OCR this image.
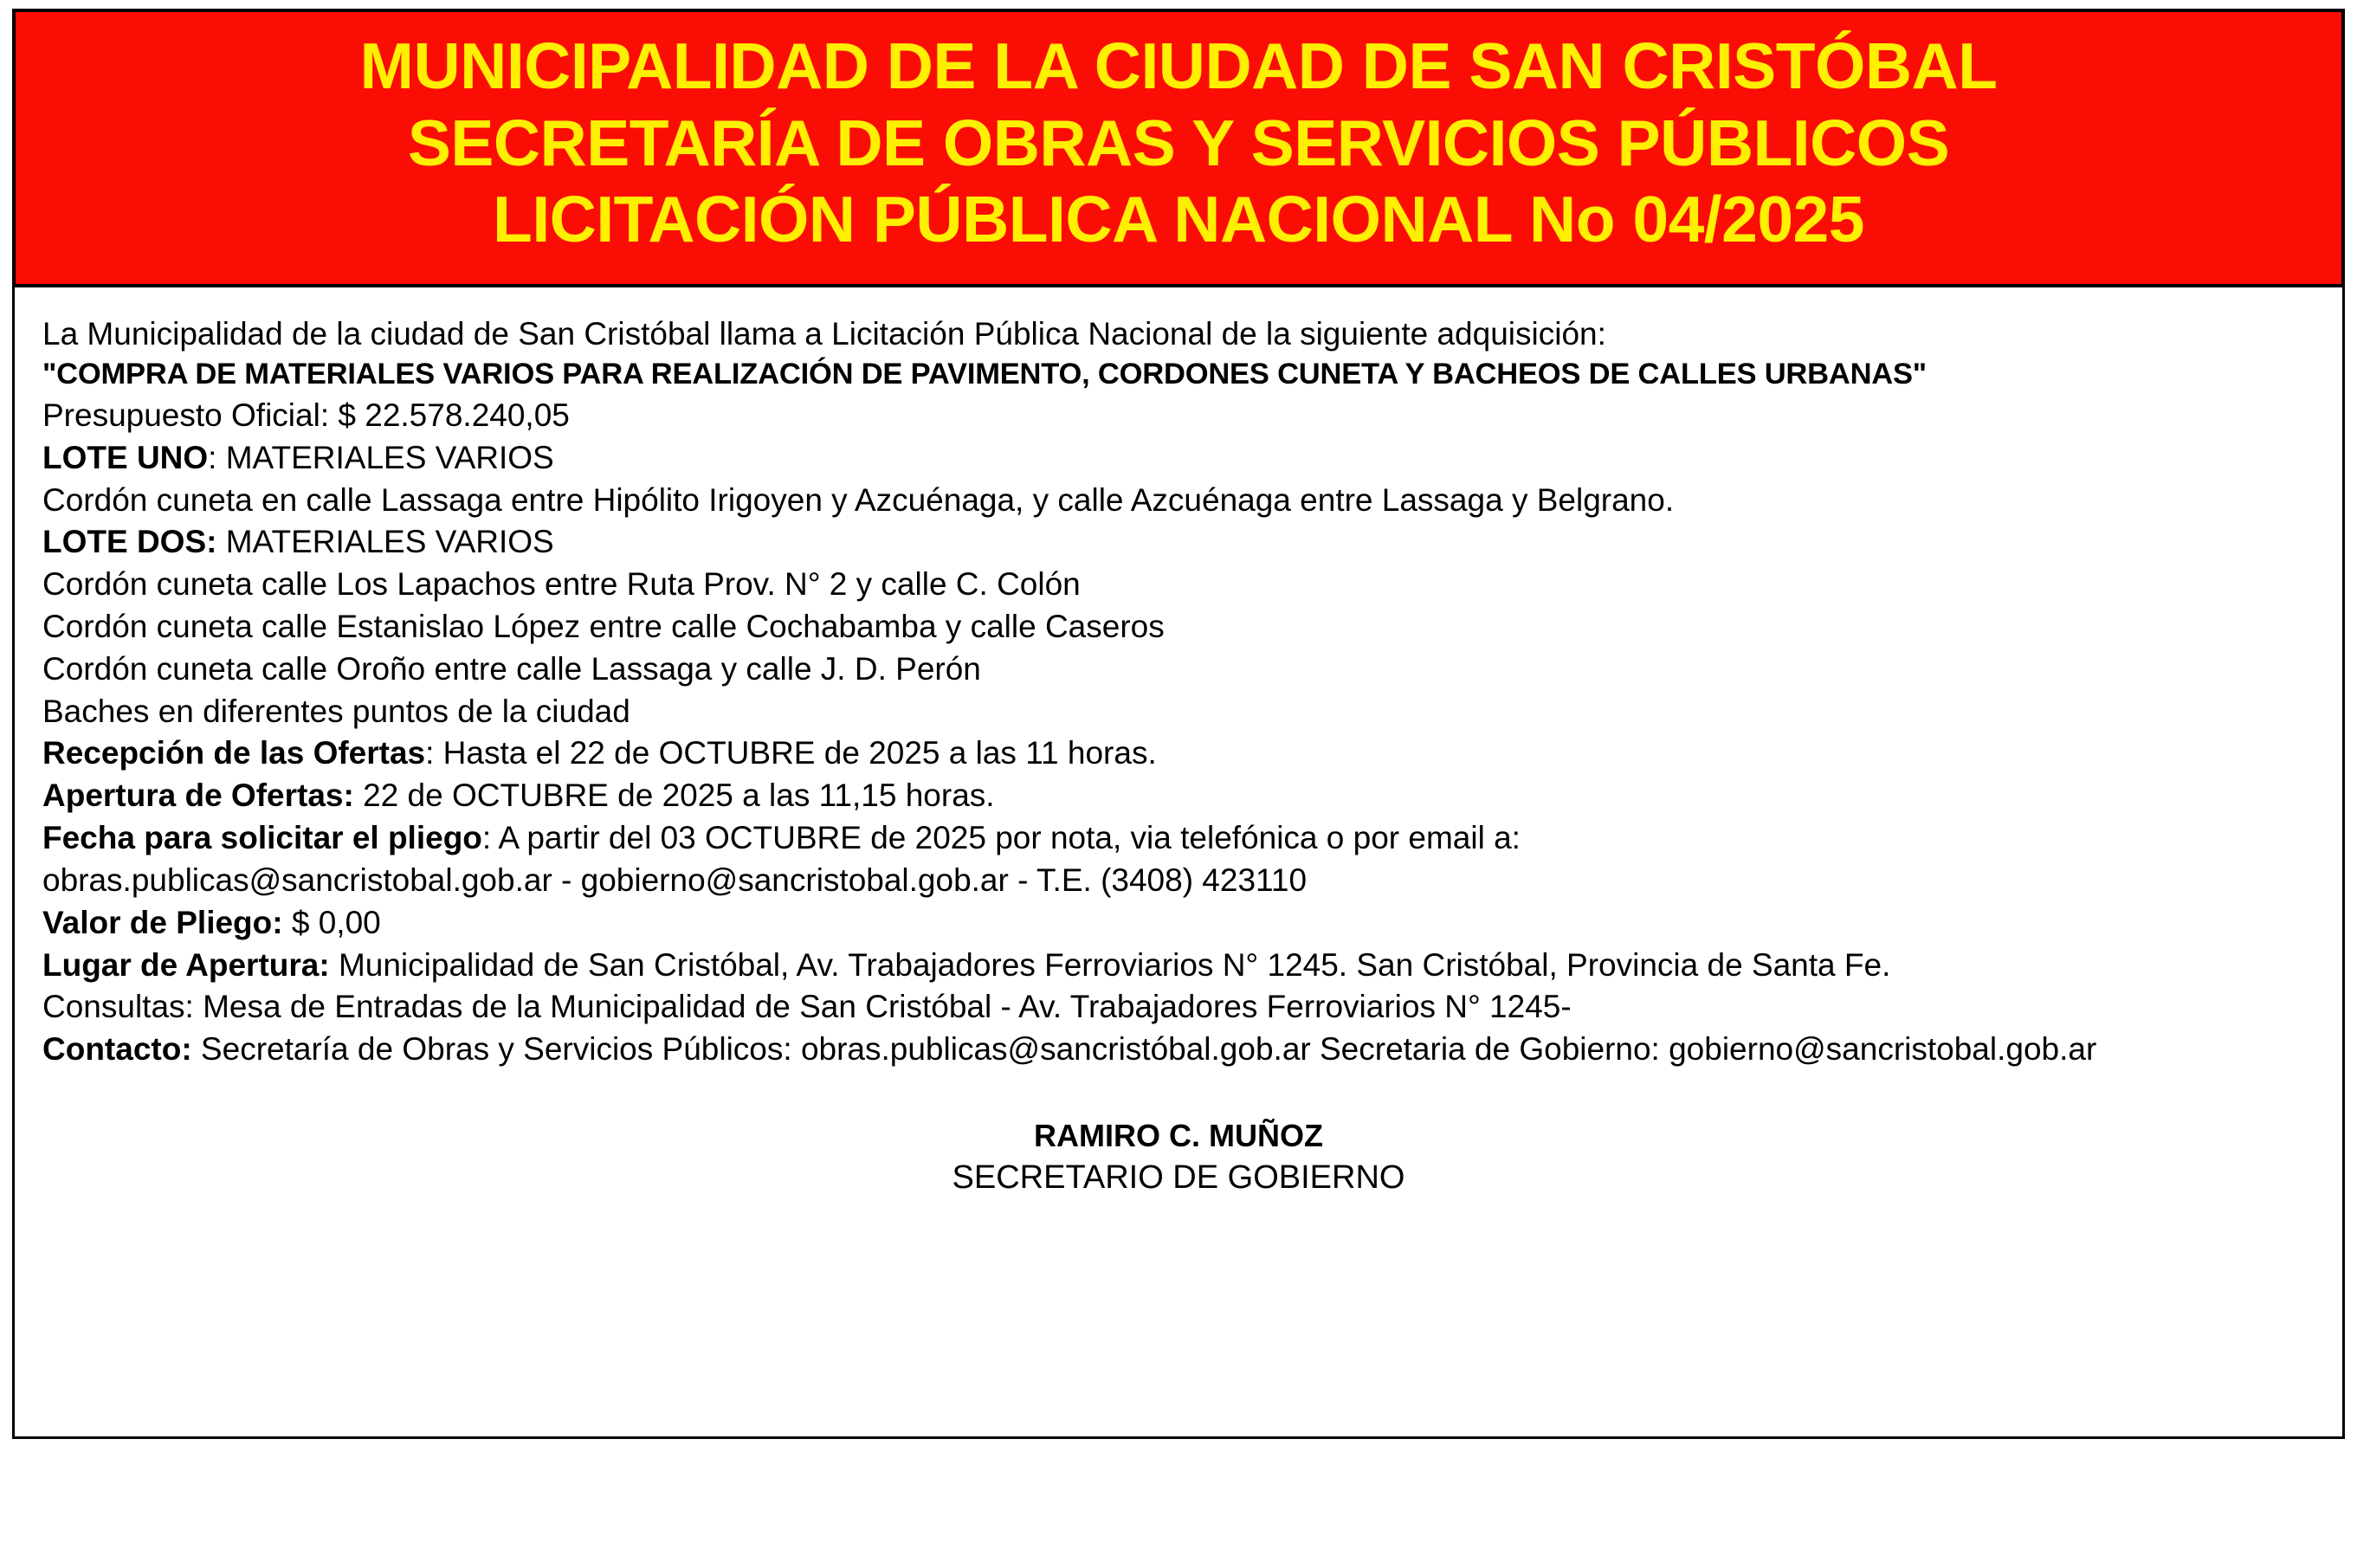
MUNICIPALIDAD DE LA CIUDAD DE SAN CRISTÓBAL
SECRETARÍA DE OBRAS Y SERVICIOS PÚBLICOS
LICITACIÓN PÚBLICA NACIONAL No 04/2025
La Municipalidad de la ciudad de San Cristóbal llama a Licitación Pública Nacional de la siguiente adquisición:
"COMPRA DE MATERIALES VARIOS PARA REALIZACIÓN DE PAVIMENTO, CORDONES CUNETA Y BACHEOS DE CALLES URBANAS"
Presupuesto Oficial: $ 22.578.240,05
LOTE UNO: MATERIALES VARIOS
Cordón cuneta en calle Lassaga entre Hipólito Irigoyen y Azcuénaga, y calle Azcuénaga entre Lassaga y Belgrano.
LOTE DOS: MATERIALES VARIOS
Cordón cuneta calle Los Lapachos entre Ruta Prov. N° 2 y calle C. Colón
Cordón cuneta calle Estanislao López entre calle Cochabamba y calle Caseros
Cordón cuneta calle Oroño entre calle Lassaga y calle J. D. Perón
Baches en diferentes puntos de la ciudad
Recepción de las Ofertas: Hasta el 22 de OCTUBRE de 2025 a las 11 horas.
Apertura de Ofertas: 22 de OCTUBRE de 2025 a las 11,15 horas.
Fecha para solicitar el pliego: A partir del 03 OCTUBRE de 2025 por nota, via telefónica o por email a:
obras.publicas@sancristobal.gob.ar - gobierno@sancristobal.gob.ar - T.E. (3408) 423110
Valor de Pliego: $ 0,00
Lugar de Apertura: Municipalidad de San Cristóbal, Av. Trabajadores Ferroviarios N° 1245. San Cristóbal, Provincia de Santa Fe.
Consultas: Mesa de Entradas de la Municipalidad de San Cristóbal - Av. Trabajadores Ferroviarios N° 1245-
Contacto: Secretaría de Obras y Servicios Públicos: obras.publicas@sancristóbal.gob.ar Secretaria de Gobierno: gobierno@sancristobal.gob.ar
RAMIRO C. MUÑOZ
SECRETARIO DE GOBIERNO
